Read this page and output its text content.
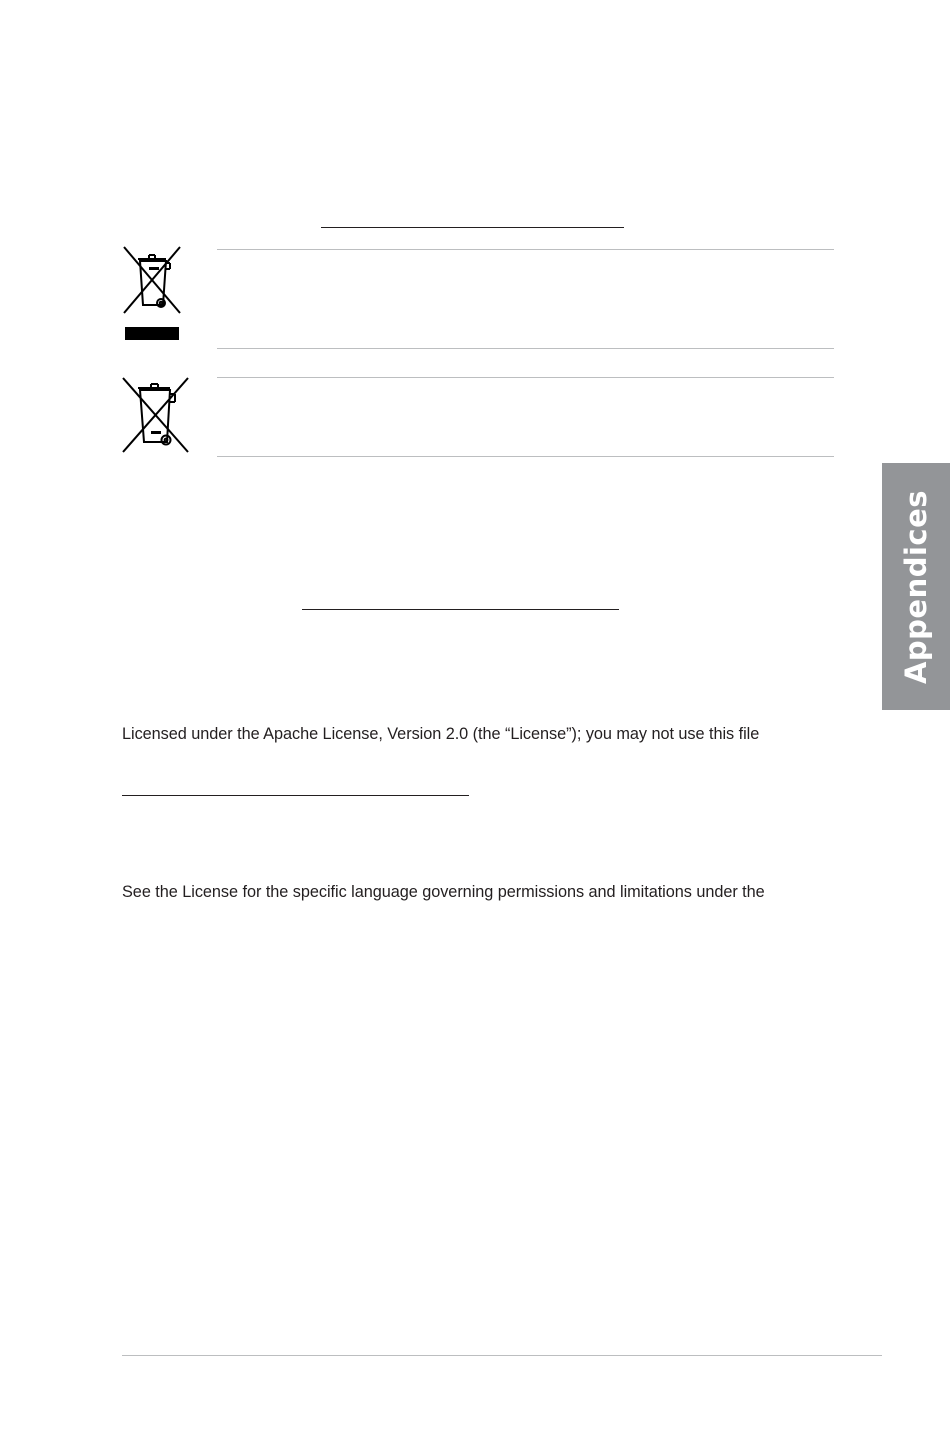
Licensed under the Apache License, Version 2.0 (the “License”); you may not use this file
See the License for the specific language governing permissions and limitations under the
Appendices
